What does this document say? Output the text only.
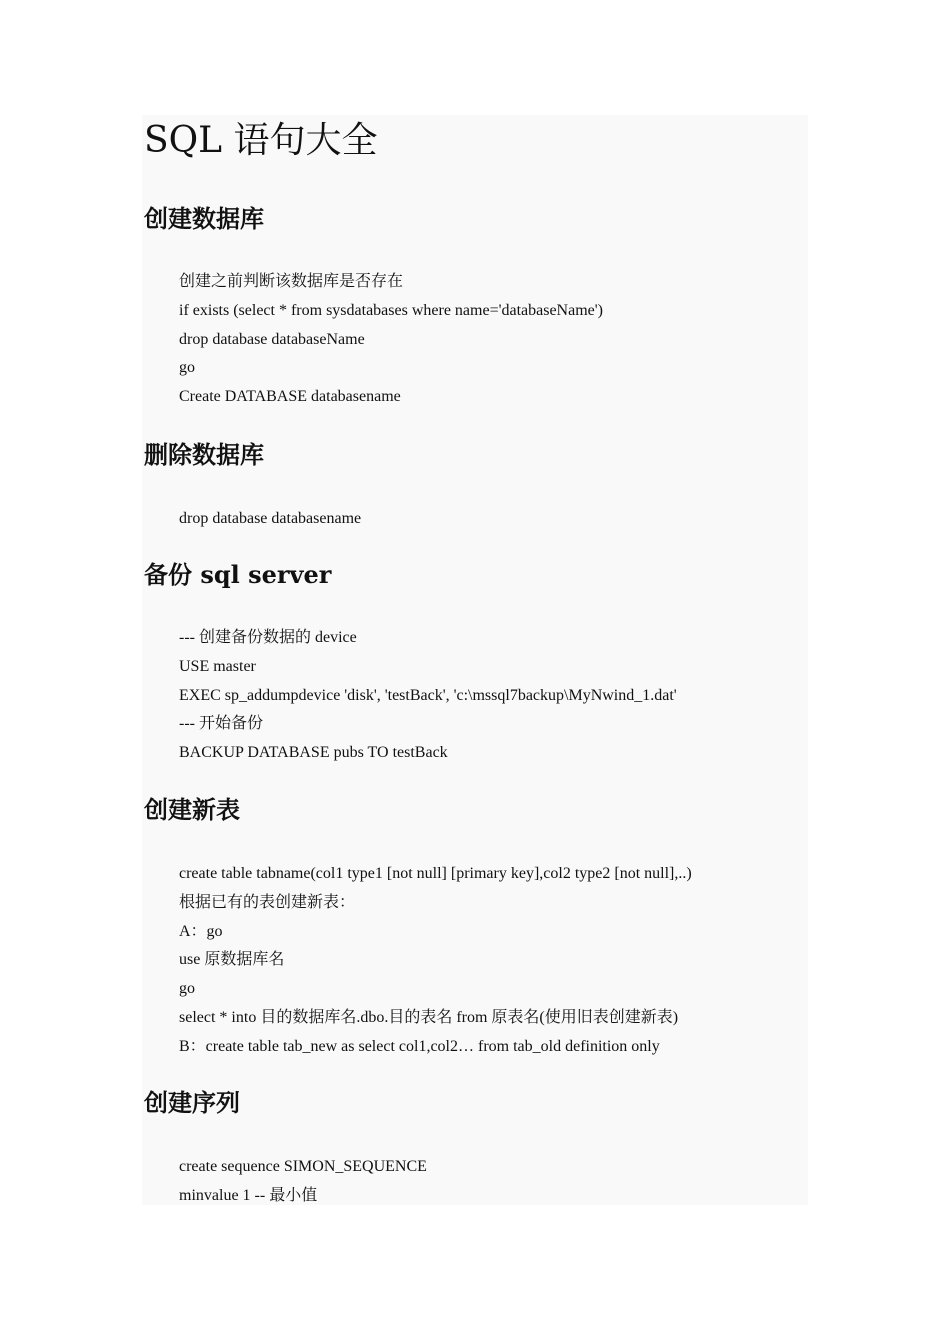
SQL 语句大全
创建数据库
创建之前判断该数据库是否存在
if exists (select * from sysdatabases where name='databaseName')
drop database databaseName
go
Create DATABASE databasename
删除数据库
drop database databasename
备份 sql server
--- 创建备份数据的 device
USE master
EXEC sp_addumpdevice 'disk', 'testBack', 'c:\mssql7backup\MyNwind_1.dat'
--- 开始备份
BACKUP DATABASE pubs TO testBack
创建新表
create table tabname(col1 type1 [not null] [primary key],col2 type2 [not null],..)
根据已有的表创建新表：
A：go
use 原数据库名
go
select * into 目的数据库名.dbo.目的表名 from 原表名(使用旧表创建新表)
B：create table tab_new as select col1,col2… from tab_old definition only
创建序列
create sequence SIMON_SEQUENCE
minvalue 1 -- 最小值
